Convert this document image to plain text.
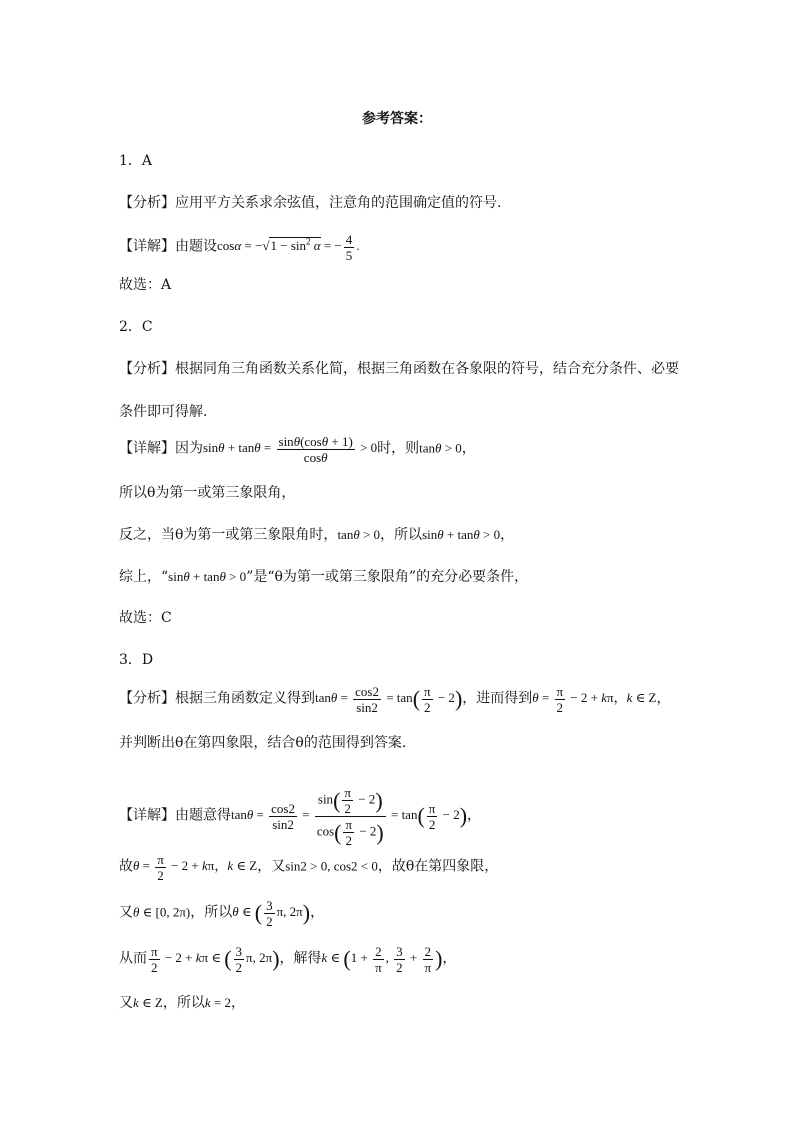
参考答案：
1．A
【分析】应用平方关系求余弦值，注意角的范围确定值的符号.
【详解】由题设$\cos\alpha = -√1 - \sin^2 \alpha$ = − $\frac{4}{5}$ .
故选：A
2．C
【分析】根据同角三角函数关系化简，根据三角函数在各象限的符号，结合充分条件、必要
条件即可得解.
【详解】因为$\sin\theta + \tan\theta = \frac{\sin\theta(\cos\theta + 1)}{\cos\theta} > 0$时，则tanθ > 0，
所以θ为第一或第三象限角，
反之，当θ为第一或第三象限角时，tanθ > 0，所以sinθ + tanθ > 0，
综上，“sinθ + tanθ > 0”是“θ为第一或第三象限角”的充分必要条件，
故选：C
3．D
【分析】根据三角函数定义得到$\tan\theta = \frac{\cos 2}{\sin 2} = \tan( \frac{\pi}{2} - 2)$，进而得到$\theta = \frac{\pi}{2} - 2 + k\pi$，k ∈ Z，
并判断出θ在第四象限，结合θ的范围得到答案.
【详解】由题意得$\tan\theta = \frac{\cos 2}{\sin 2} = \frac{\sin( \frac{\pi}{2} - 2)}{\cos( \frac{\pi}{2} - 2)} = \tan( \frac{\pi}{2} - 2)$，
故$\theta = \frac{\pi}{2} - 2 + k\pi$，k ∈ Z，又sin2 > 0, cos2 < 0，故θ在第四象限，
又θ ∈ [0, 2π)，所以θ ∈ ( $\frac{3}{2} \pi$, 2π)，
从而 $\frac{\pi}{2} - 2 + k\pi$ ∈ ( $\frac{3}{2} \pi$, 2π)，解得k ∈ ($1 + \frac{2}{\pi}$ , $\frac{3}{2} + \frac{2}{\pi}$ )，
又k ∈ Z，所以k = 2，
